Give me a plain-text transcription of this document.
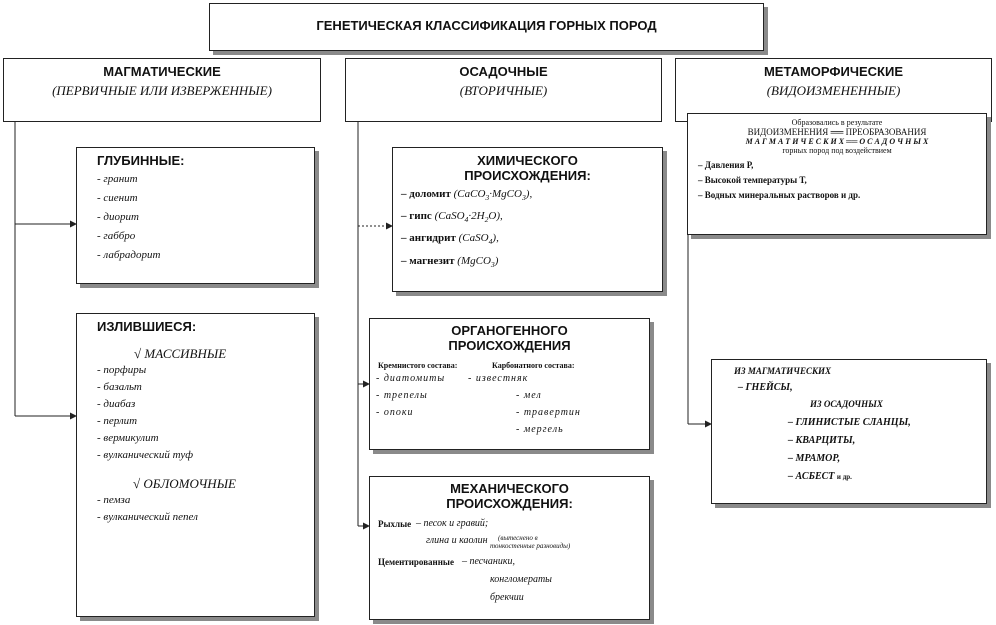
ГЕНЕТИЧЕСКАЯ КЛАССИФИКАЦИЯ ГОРНЫХ ПОРОД
МАГМАТИЧЕСКИЕ
(ПЕРВИЧНЫЕ ИЛИ ИЗВЕРЖЕННЫЕ)
ОСАДОЧНЫЕ
(ВТОРИЧНЫЕ)
МЕТАМОРФИЧЕСКИЕ
(ВИДОИЗМЕНЕННЫЕ)
ГЛУБИННЫЕ:
- гранит
- сиенит
- диорит
- габбро
- лабрадорит
ИЗЛИВШИЕСЯ:
√ МАССИВНЫЕ
- порфиры
- базальт
- диабаз
- перлит
- вермикулит
- вулканический туф
√ ОБЛОМОЧНЫЕ
- пемза
- вулканический пепел
ХИМИЧЕСКОГО
ПРОИСХОЖДЕНИЯ:
– доломит (CaCO$_3$·MgCO$_3$),
– гипс $(CaSO_4\cdot 2H_2O)$,
– ангидрит (CaSO$_4$),
– магнезит (MgCO$_3$)
ОРГАНОГЕННОГО
ПРОИСХОЖДЕНИЯ
Кремнистого состава:	Карбонатного состава:
- диатомиты
- трепелы
- опоки
- известняк
- мел
- травертин
- мергель
МЕХАНИЧЕСКОГО
ПРОИСХОЖДЕНИЯ:
Рыхлые – песок и гравий;
глина и каолин (вытеснено в
тонкостенные разновиды)
Цементированные – песчаники,
конгломераты
брекчии
Образовались в результате
ВИДОИЗМЕНЕНИЯ ══ ПРЕОБРАЗОВАНИЯ
М А Г М А Т И Ч Е С К И Х ══ О С А Д О Ч Н Ы Х
горных пород под воздействием
– Давления Р,
– Высокой температуры Т,
– Водных минеральных растворов и др.
ИЗ МАГМАТИЧЕСКИХ
– ГНЕЙСЫ,
ИЗ ОСАДОЧНЫХ
– ГЛИНИСТЫЕ СЛАНЦЫ,
– КВАРЦИТЫ,
– МРАМОР,
– АСБЕСТ и др.
